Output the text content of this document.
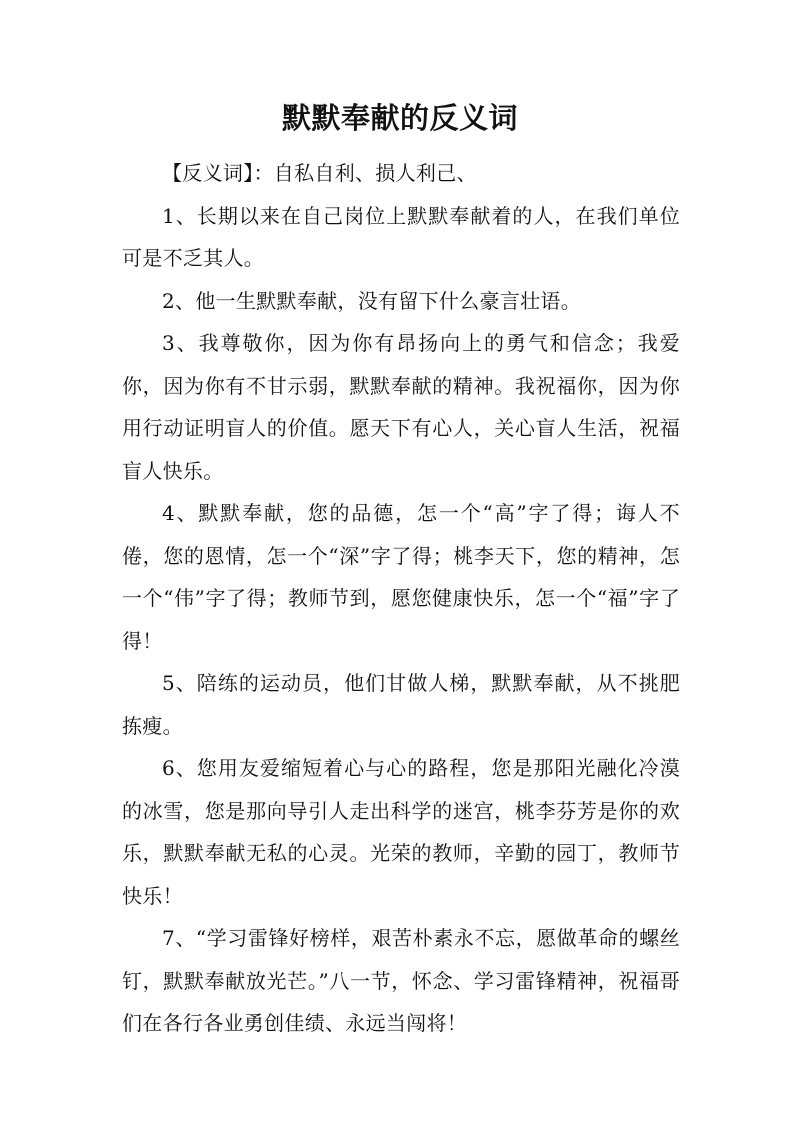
默默奉献的反义词

【反义词】：自私自利、损人利己、

1、长期以来在自己岗位上默默奉献着的人，在我们单位可是不乏其人。

2、他一生默默奉献，没有留下什么豪言壮语。

3、我尊敬你，因为你有昂扬向上的勇气和信念；我爱你，因为你有不甘示弱，默默奉献的精神。我祝福你，因为你用行动证明盲人的价值。愿天下有心人，关心盲人生活，祝福盲人快乐。

4、默默奉献，您的品德，怎一个“高”字了得；诲人不倦，您的恩情，怎一个“深”字了得；桃李天下，您的精神，怎一个“伟”字了得；教师节到，愿您健康快乐，怎一个“福”字了得！

5、陪练的运动员，他们甘做人梯，默默奉献，从不挑肥拣瘦。

6、您用友爱缩短着心与心的路程，您是那阳光融化冷漠的冰雪，您是那向导引人走出科学的迷宫，桃李芬芳是你的欢乐，默默奉献无私的心灵。光荣的教师，辛勤的园丁，教师节快乐！

7、“学习雷锋好榜样，艰苦朴素永不忘，愿做革命的螺丝钉，默默奉献放光芒。”八一节，怀念、学习雷锋精神，祝福哥们在各行各业勇创佳绩、永远当闯将！
